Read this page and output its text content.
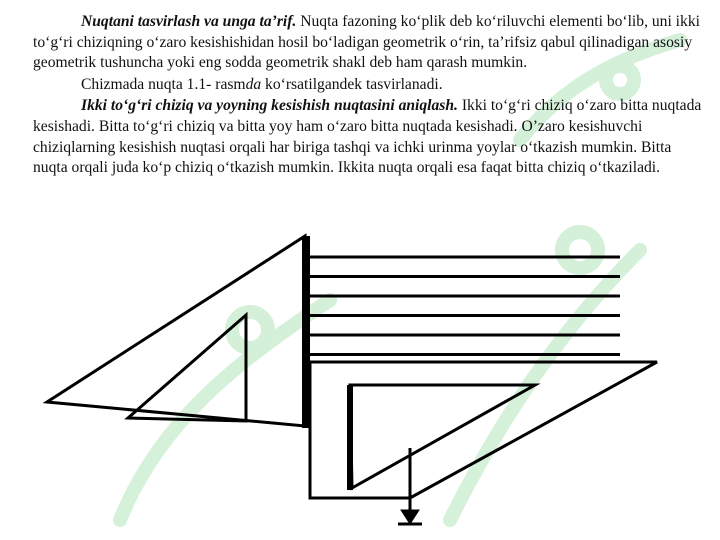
Nuqtani tasvirlash va unga ta’rif. Nuqta fazoning ko‘plik deb ko‘riluvchi elementi bo‘lib, uni ikki to‘g‘ri chiziqning o‘zaro kesishishidan hosil bo‘ladigan geometrik o‘rin, ta’rifsiz qabul qilinadigan asosiy geometrik tushuncha yoki eng sodda geometrik shakl deb ham qarash mumkin.

Chizmada nuqta 1.1- rasmda ko‘rsatilgandek tasvirlanadi.

Ikki to‘g‘ri chiziq va yoyning kesishish nuqtasini aniqlash. Ikki to‘g‘ri chiziq o‘zaro bitta nuqtada kesishadi. Bitta to‘g‘ri chiziq va bitta yoy ham o‘zaro bitta nuqtada kesishadi. O’zaro kesishuvchi chiziqlarning kesishish nuqtasi orqali har biriga tashqi va ichki urinma yoylar o‘tkazish mumkin. Bitta nuqta orqali juda ko‘p chiziq o‘tkazish mumkin. Ikkita nuqta orqali esa faqat bitta chiziq o‘tkaziladi.
